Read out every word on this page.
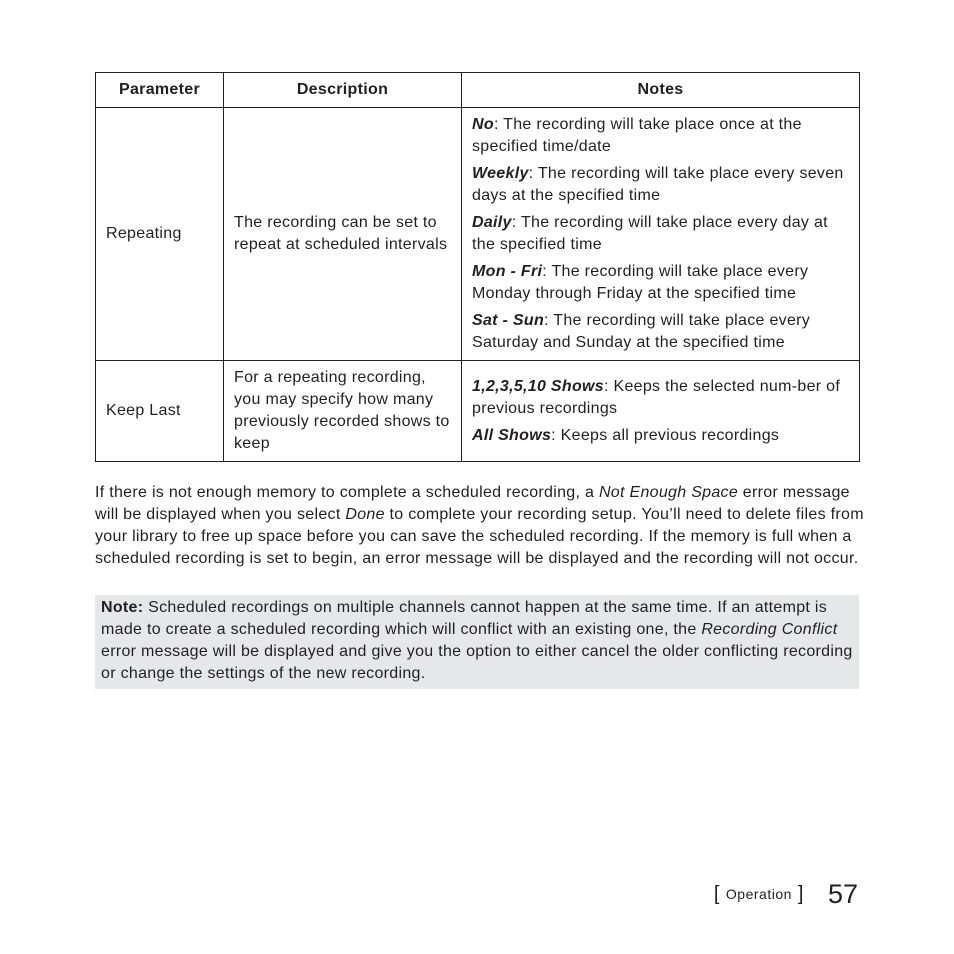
Parameter	Description	Notes
Repeating	The recording can be set to repeat at scheduled intervals	No: The recording will take place once at the specified time/date
Weekly: The recording will take place every seven days at the specified time
Daily: The recording will take place every day at the specified time
Mon - Fri: The recording will take place every Monday through Friday at the specified time
Sat - Sun: The recording will take place every Saturday and Sunday at the specified time

Keep Last	For a repeating recording, you may specify how many previously recorded shows to keep	1,2,3,5,10 Shows: Keeps the selected num-ber of previous recordings
All Shows: Keeps all previous recordings

If there is not enough memory to complete a scheduled recording, a Not Enough Space error message will be displayed when you select Done to complete your recording setup. You’ll need to delete files from your library to free up space before you can save the scheduled recording. If the memory is full when a scheduled recording is set to begin, an error message will be displayed and the recording will not occur.

Note: Scheduled recordings on multiple channels cannot happen at the same time. If an attempt is made to create a scheduled recording which will conflict with an existing one, the Recording Conflict error message will be displayed and give you the option to either cancel the older conflicting recording or change the settings of the new recording.
[ Operation ] 57
